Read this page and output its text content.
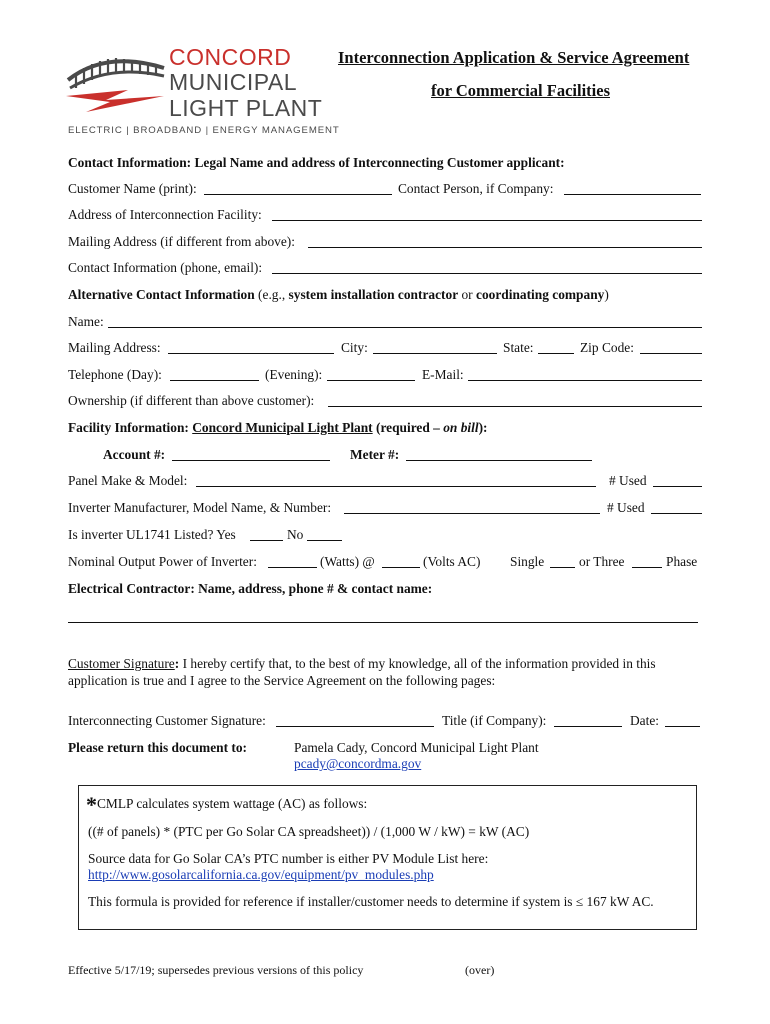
CONCORD
MUNICIPAL
LIGHT PLANT
ELECTRIC | BROADBAND | ENERGY MANAGEMENT
Interconnection Application & Service Agreement
for Commercial Facilities
Contact Information: Legal Name and address of Interconnecting Customer applicant:
Customer Name (print):	Contact Person, if Company:
Address of Interconnection Facility:
Mailing Address (if different from above):
Contact Information (phone, email):
Alternative Contact Information (e.g., system installation contractor or coordinating company)
Name:
Mailing Address:	City:	State:	Zip Code:
Telephone (Day):	(Evening):	E-Mail:
Ownership (if different than above customer):
Facility Information: Concord Municipal Light Plant (required – on bill):
Account #:	Meter #:
Panel Make & Model:	# Used
Inverter Manufacturer, Model Name, & Number:	# Used
Is inverter UL1741 Listed? Yes	No
Nominal Output Power of Inverter:	(Watts) @	(Volts AC) Single	or Three	Phase
Electrical Contractor: Name, address, phone # & contact name:
Customer Signature: I hereby certify that, to the best of my knowledge, all of the information provided in this
application is true and I agree to the Service Agreement on the following pages:
Interconnecting Customer Signature:	Title (if Company):	Date:
Please return this document to:	Pamela Cady, Concord Municipal Light Plant
pcady@concordma.gov
*CMLP calculates system wattage (AC) as follows:
((# of panels) * (PTC per Go Solar CA spreadsheet)) / (1,000 W / kW) = kW (AC)
Source data for Go Solar CA’s PTC number is either PV Module List here:
http://www.gosolarcalifornia.ca.gov/equipment/pv_modules.php
This formula is provided for reference if installer/customer needs to determine if system is ≤ 167 kW AC.
Effective 5/17/19; supersedes previous versions of this policy	(over)
